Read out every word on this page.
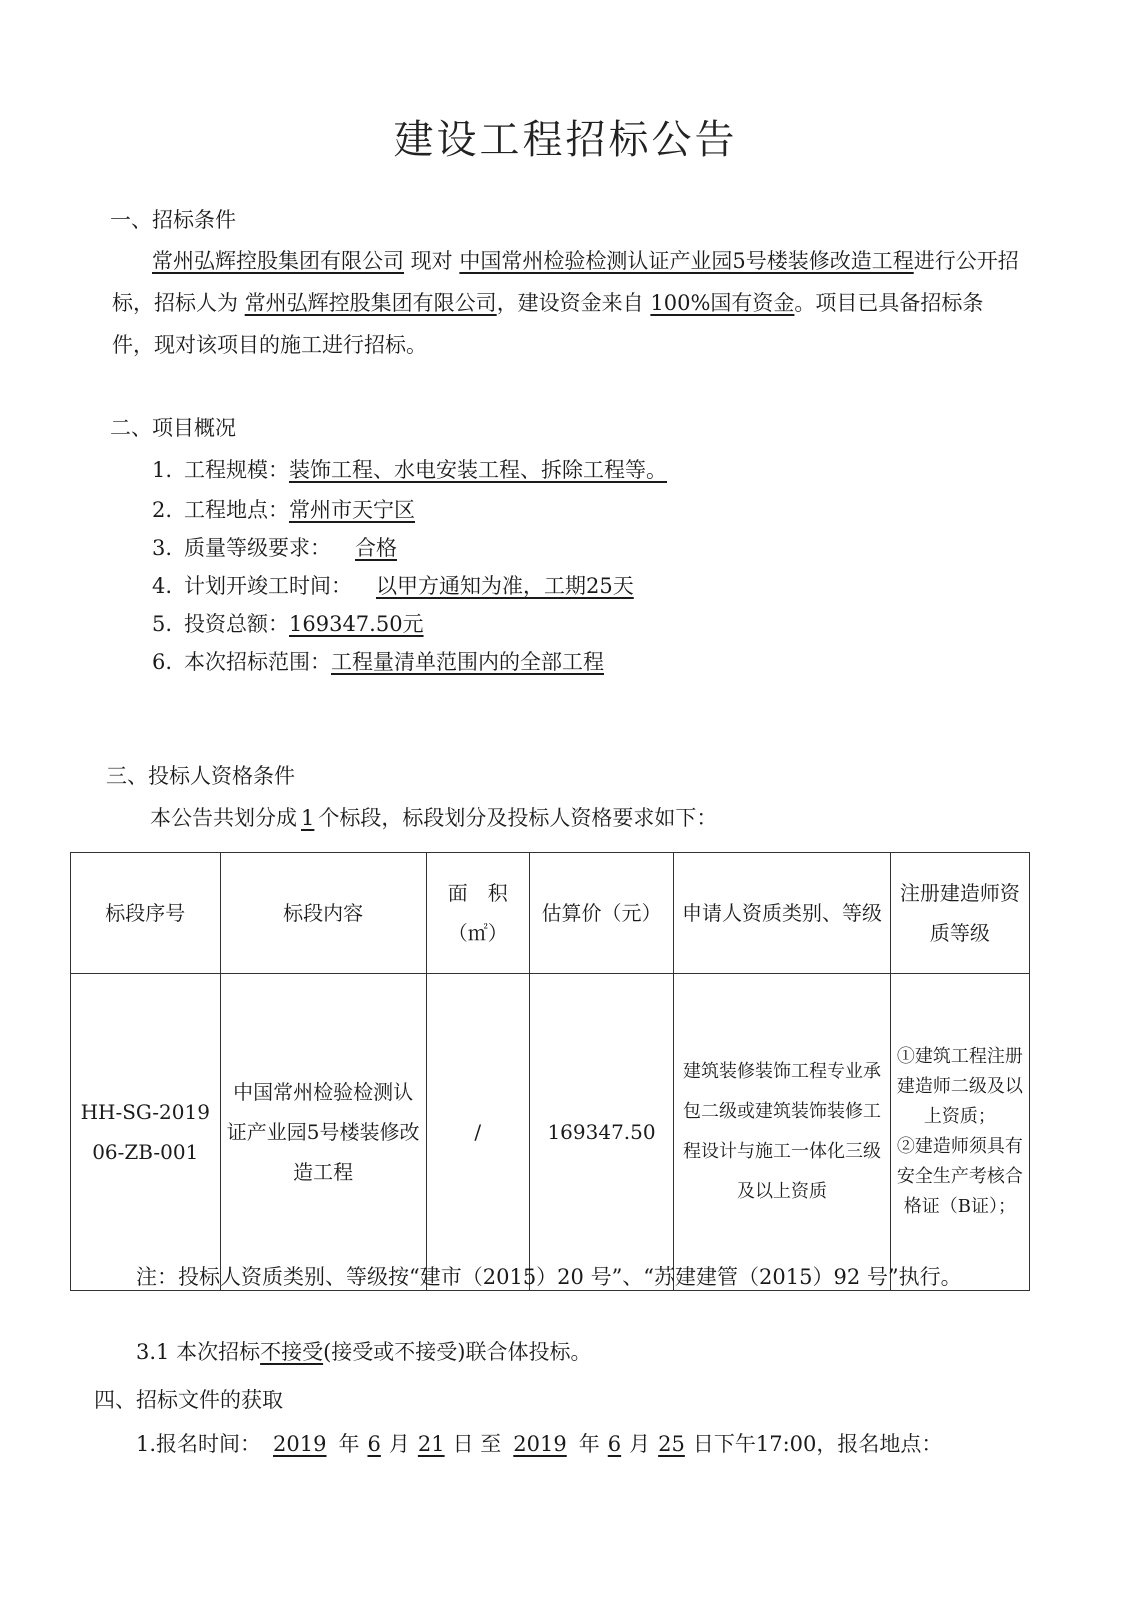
建设工程招标公告
一、招标条件

常州弘辉控股集团有限公司 现对 中国常州检验检测认证产业园5号楼装修改造工程进行公开招标，招标人为 常州弘辉控股集团有限公司，建设资金来自 100%国有资金。项目已具备招标条件，现对该项目的施工进行招标。

二、项目概况

1. 工程规模：装饰工程、水电安装工程、拆除工程等。

2. 工程地点：常州市天宁区

3. 质量等级要求： 合格

4. 计划开竣工时间： 以甲方通知为准，工期25天

5. 投资总额：169347.50元

6. 本次招标范围：工程量清单范围内的全部工程

三、投标人资格条件

本公告共划分成 1 个标段，标段划分及投标人资格要求如下：

标段序号	标段内容	面　积（㎡）	估算价（元）	申请人资质类别、等级	注册建造师资质等级
HH-SG-2019 06-ZB-001	中国常州检验检测认证产业园5号楼装修改造工程	/	169347.50	建筑装修装饰工程专业承包二级或建筑装饰装修工程设计与施工一体化三级及以上资质	①建筑工程注册建造师二级及以上资质；
②建造师须具有安全生产考核合格证（B证）；

注：投标人资质类别、等级按“建市（2015）20 号”、“苏建建管（2015）92 号”执行。

3.1 本次招标不接受(接受或不接受)联合体投标。

四、招标文件的获取

1.报名时间： 2019 年 6 月 21 日 至 2019 年 6 月 25 日下午17:00，报名地点：
